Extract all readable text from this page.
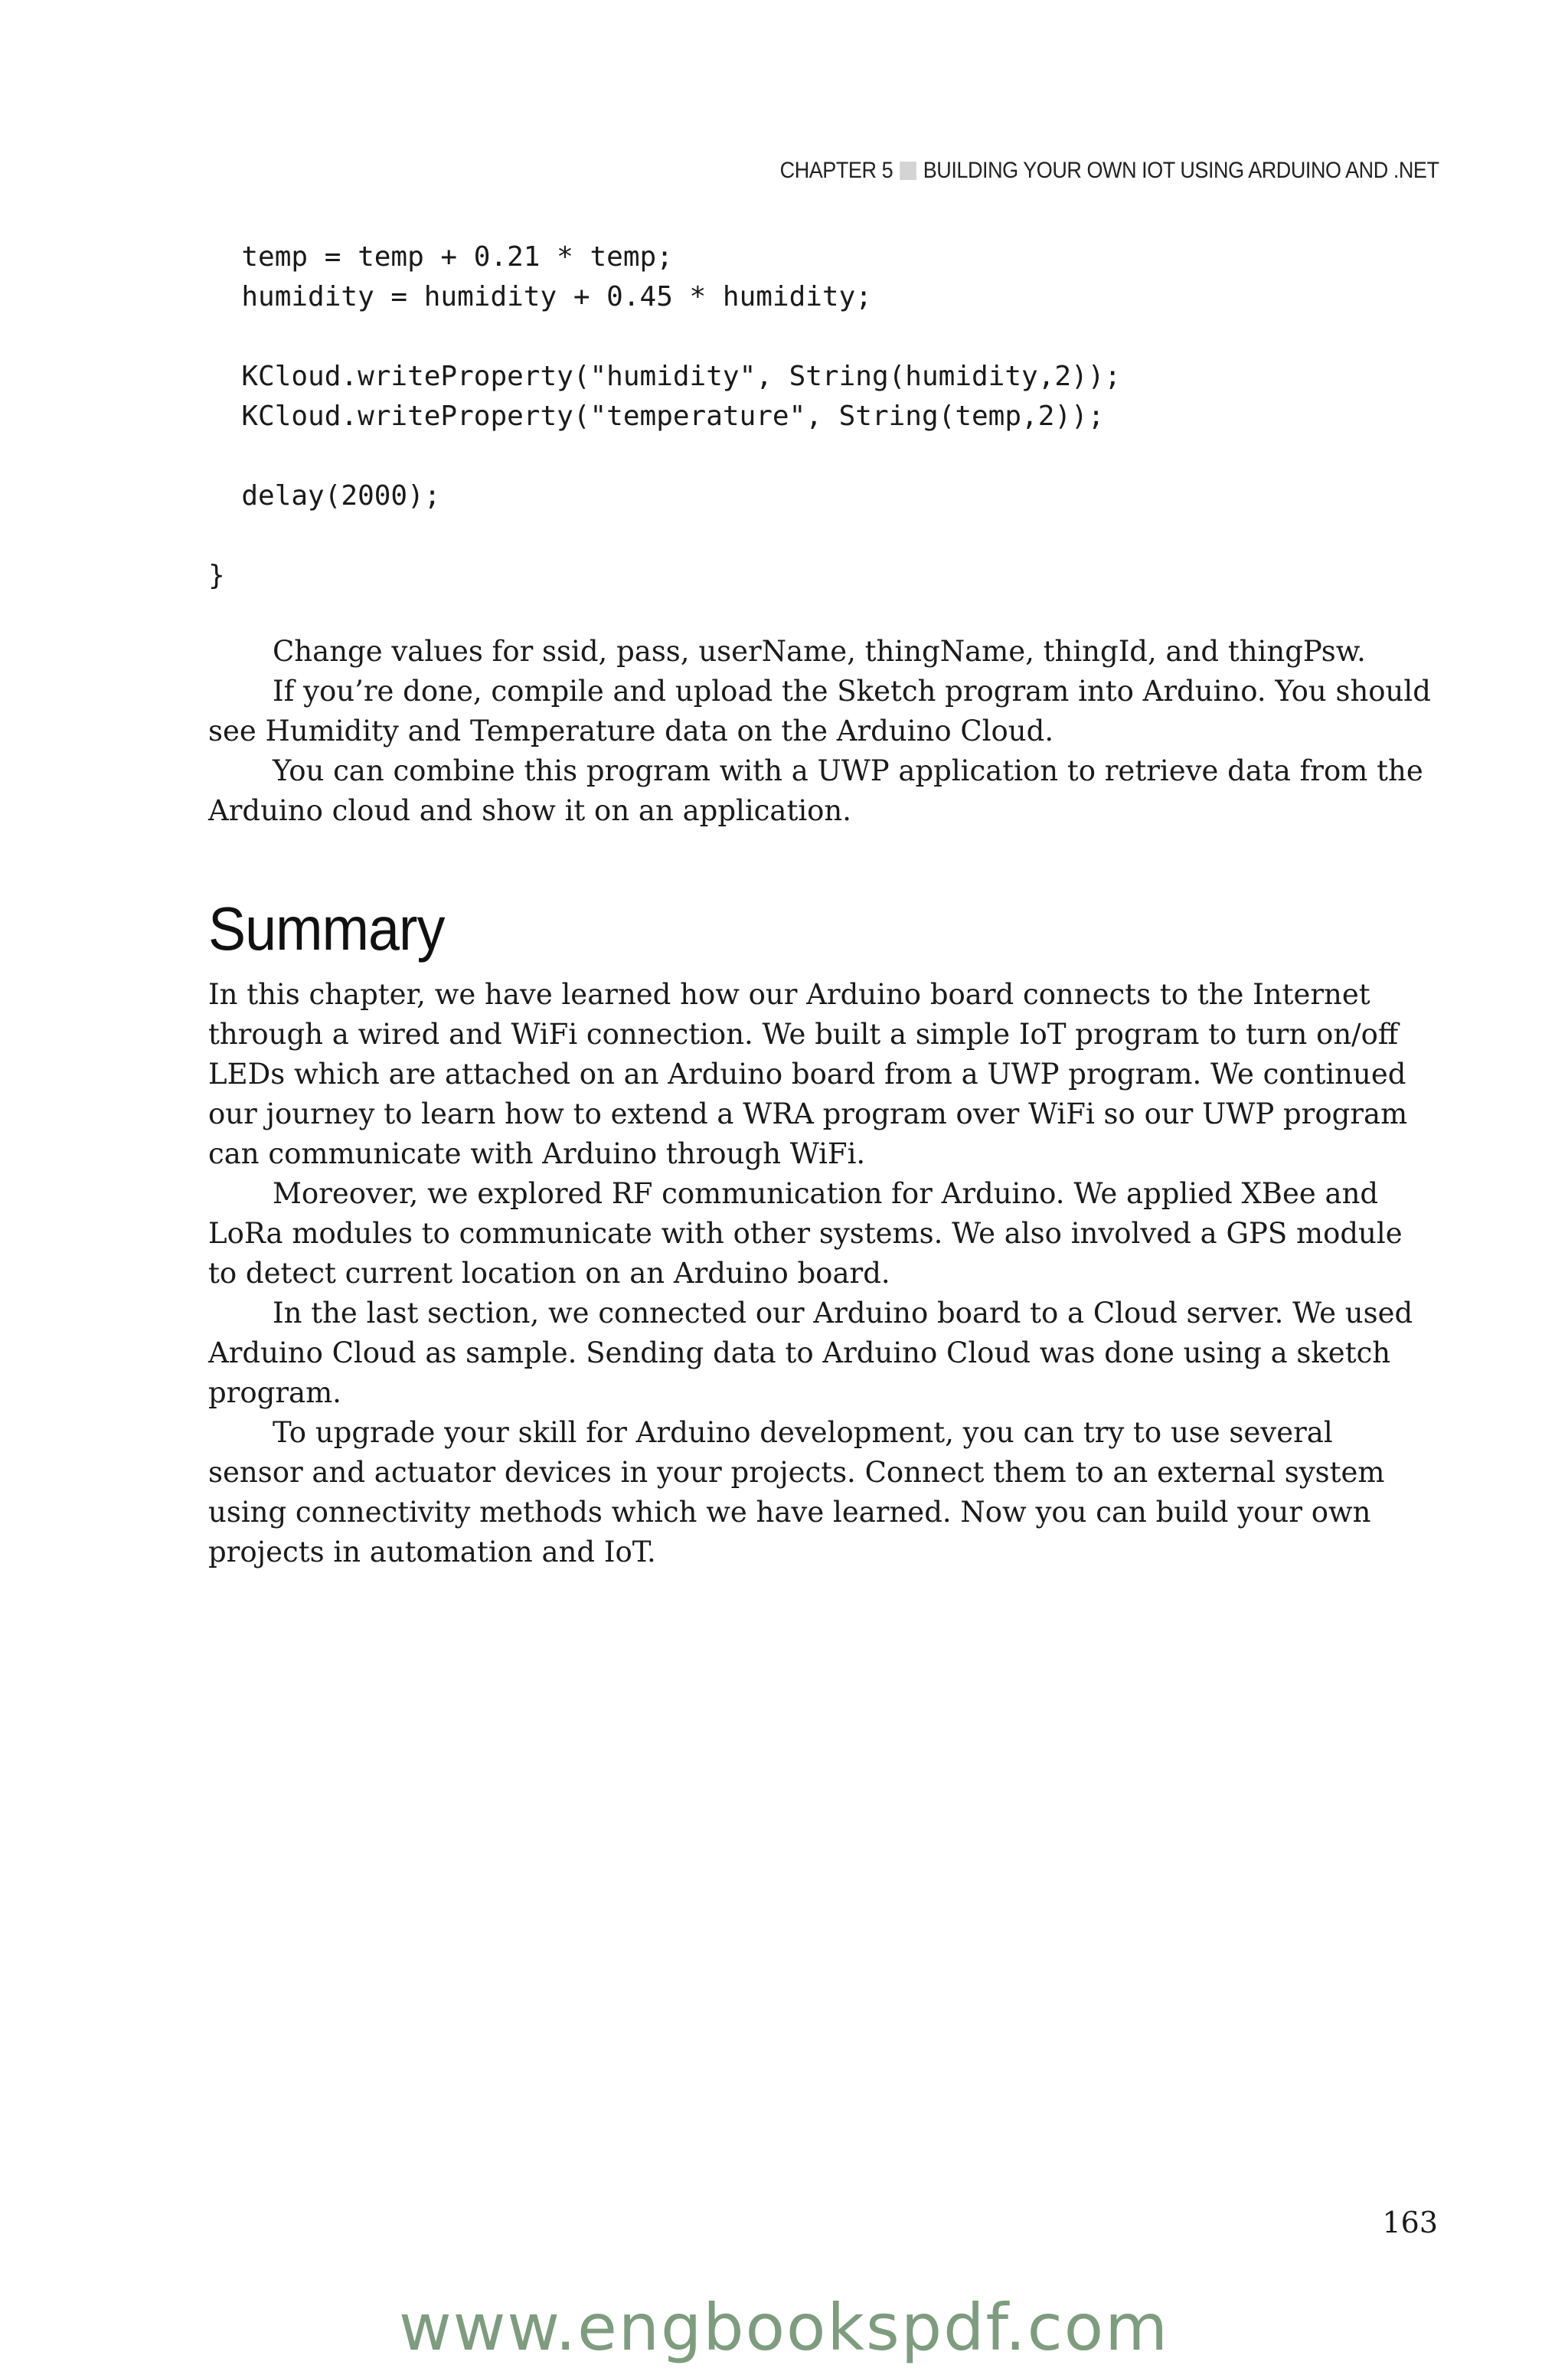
CHAPTER 5 BUILDING YOUR OWN IOT USING ARDUINO AND .NET
temp = temp + 0.21 * temp;
humidity = humidity + 0.45 * humidity;

KCloud.writeProperty("humidity", String(humidity,2));
KCloud.writeProperty("temperature", String(temp,2));

delay(2000);

}

Change values for ssid, pass, userName, thingName, thingId, and thingPsw.

If you’re done, compile and upload the Sketch program into Arduino. You should see Humidity and Temperature data on the Arduino Cloud.

You can combine this program with a UWP application to retrieve data from the Arduino cloud and show it on an application.

Summary

In this chapter, we have learned how our Arduino board connects to the Internet through a wired and WiFi connection. We built a simple IoT program to turn on/off LEDs which are attached on an Arduino board from a UWP program. We continued our journey to learn how to extend a WRA program over WiFi so our UWP program can communicate with Arduino through WiFi.

Moreover, we explored RF communication for Arduino. We applied XBee and LoRa modules to communicate with other systems. We also involved a GPS module to detect current location on an Arduino board.

In the last section, we connected our Arduino board to a Cloud server. We used Arduino Cloud as sample. Sending data to Arduino Cloud was done using a sketch program.

To upgrade your skill for Arduino development, you can try to use several sensor and actuator devices in your projects. Connect them to an external system using connectivity methods which we have learned. Now you can build your own projects in automation and IoT.

163
www.engbookspdf.com
